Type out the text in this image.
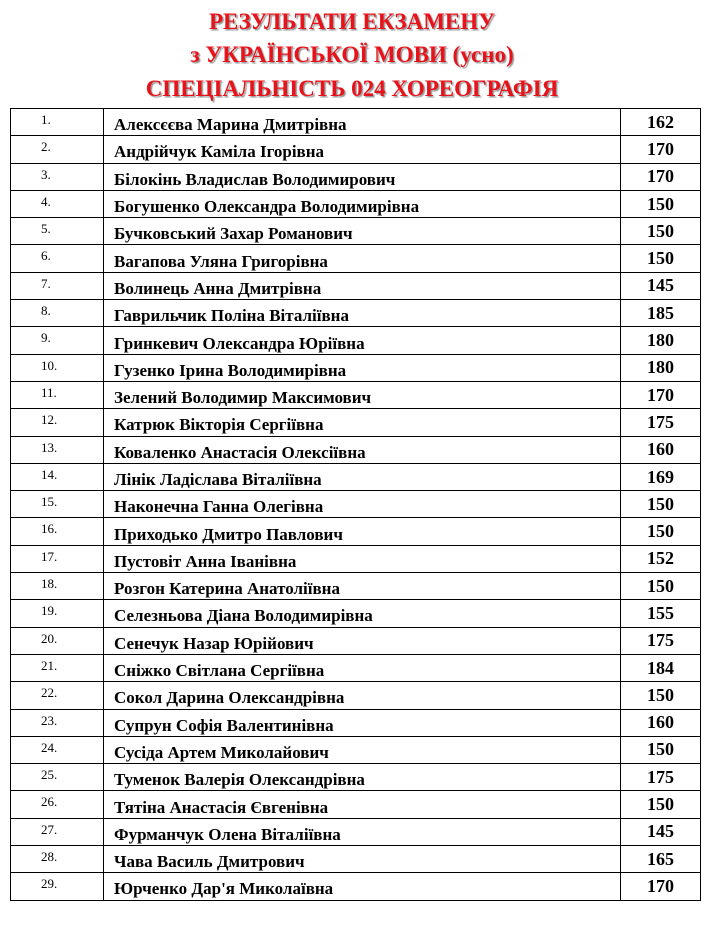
РЕЗУЛЬТАТИ ЕКЗАМЕНУ
з УКРАЇНСЬКОЇ МОВИ (усно)
СПЕЦІАЛЬНІСТЬ 024 ХОРЕОГРАФІЯ
1.	Алексєєва Марина Дмитрівна	162
2.	Андрійчук Каміла Ігорівна	170
3.	Білокінь Владислав Володимирович	170
4.	Богушенко Олександра Володимирівна	150
5.	Бучковський Захар Романович	150
6.	Вагапова Уляна Григорівна	150
7.	Волинець Анна Дмитрівна	145
8.	Гаврильчик Поліна Віталіївна	185
9.	Гринкевич Олександра Юріївна	180
10.	Гузенко Ірина Володимирівна	180
11.	Зелений Володимир Максимович	170
12.	Катрюк Вікторія Сергіївна	175
13.	Коваленко Анастасія Олексіївна	160
14.	Лінік Ладіслава Віталіївна	169
15.	Наконечна Ганна Олегівна	150
16.	Приходько Дмитро Павлович	150
17.	Пустовіт Анна Іванівна	152
18.	Розгон Катерина Анатоліївна	150
19.	Селезньова Діана Володимирівна	155
20.	Сенечук Назар Юрійович	175
21.	Сніжко Світлана Сергіївна	184
22.	Сокол Дарина Олександрівна	150
23.	Супрун Софія Валентинівна	160
24.	Сусіда Артем Миколайович	150
25.	Туменок Валерія Олександрівна	175
26.	Тятіна Анастасія Євгенівна	150
27.	Фурманчук Олена Віталіївна	145
28.	Чава Василь Дмитрович	165
29.	Юрченко Дар'я Миколаївна	170
